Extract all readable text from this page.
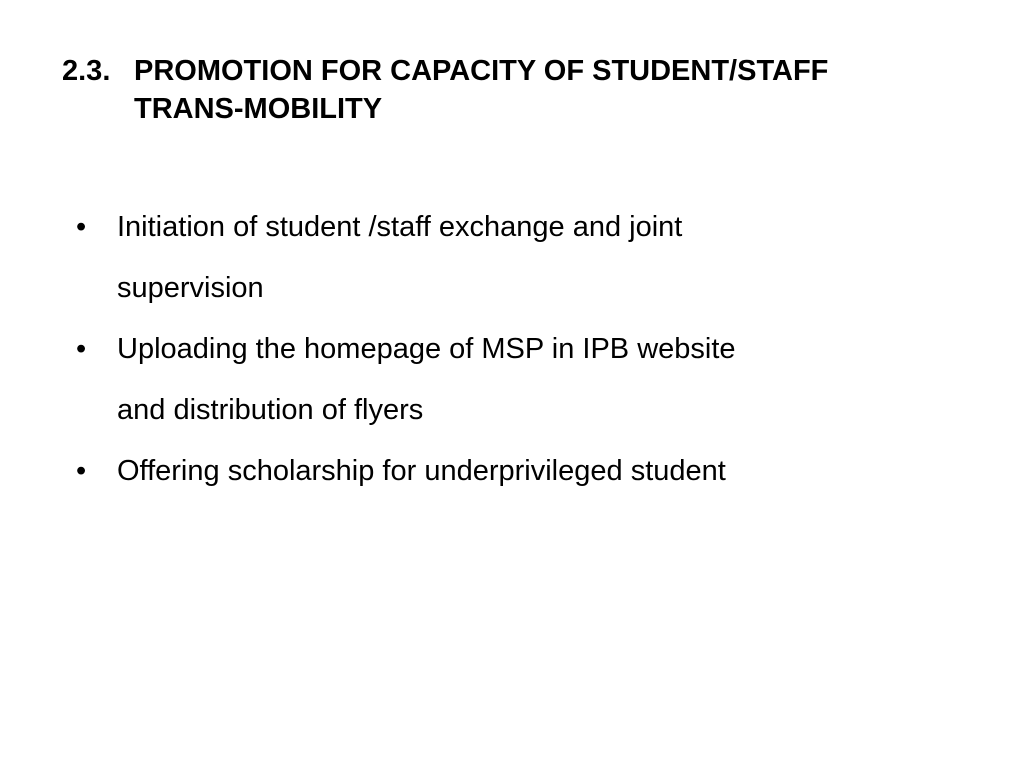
2.3. PROMOTION FOR CAPACITY OF STUDENT/STAFF
TRANS-MOBILITY
•	Initiation of student /staff exchange and joint
supervision
•	Uploading the homepage of MSP in IPB website
and distribution of flyers
•	Offering scholarship for underprivileged student
